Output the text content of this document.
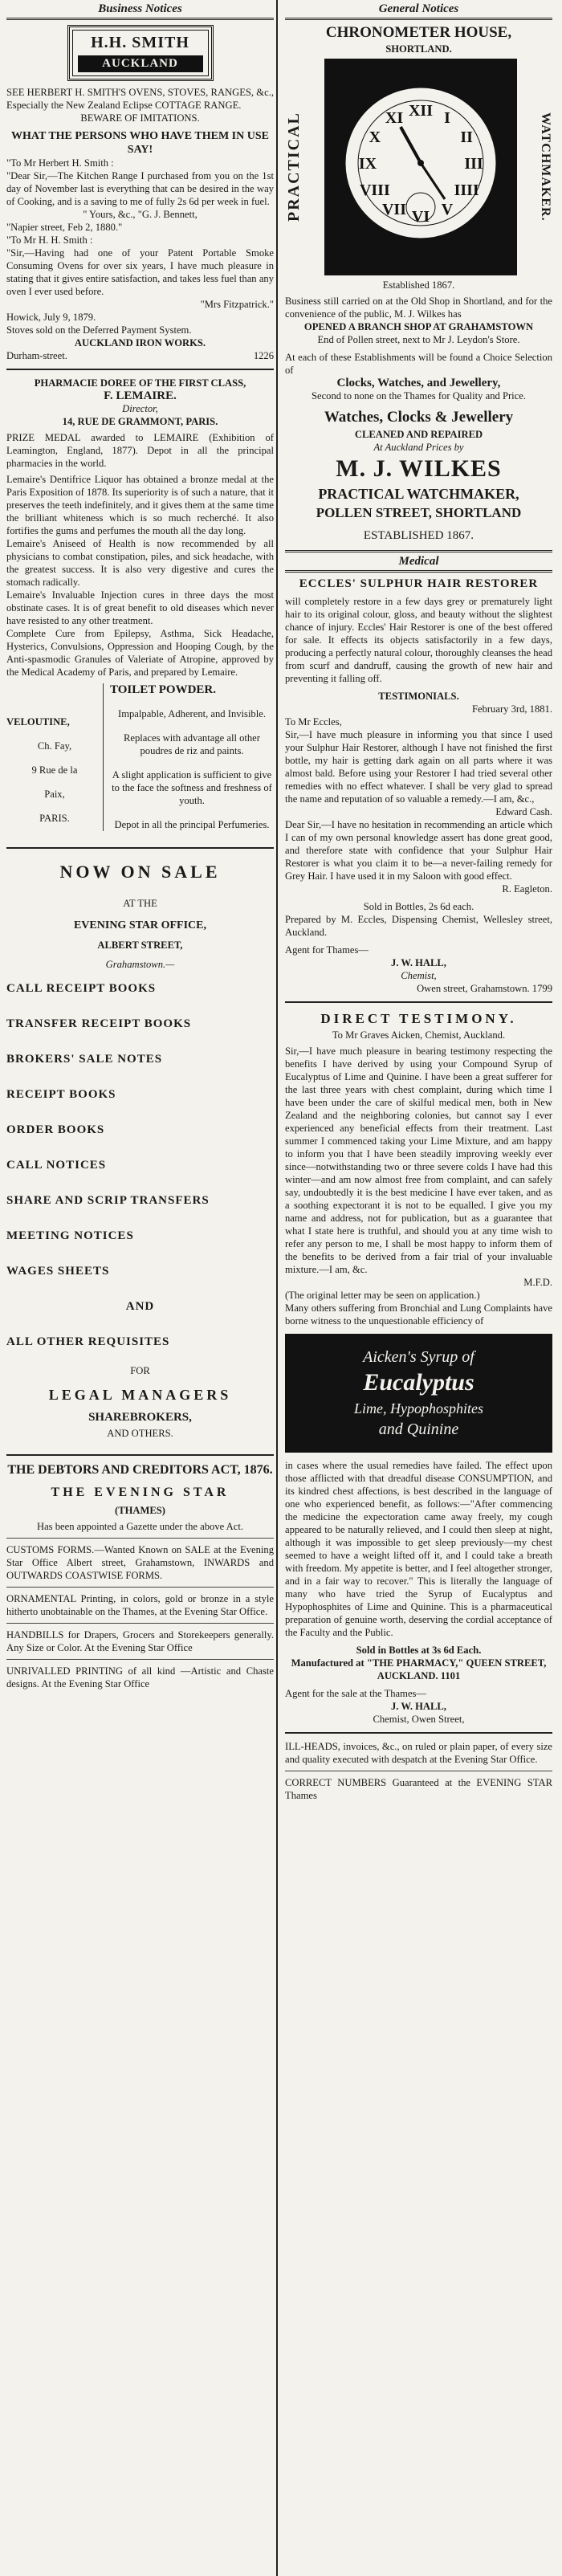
Business Notices
H.H. SMITH
AUCKLAND

SEE HERBERT H. SMITH'S OVENS, STOVES, RANGES, &c., Especially the New Zealand Eclipse COTTAGE RANGE.

BEWARE OF IMITATIONS.

WHAT THE PERSONS WHO HAVE THEM IN USE SAY!

"To Mr Herbert H. Smith :

"Dear Sir,—The Kitchen Range I purchased from you on the 1st day of November last is everything that can be desired in the way of Cooking, and is a saving to me of fully 2s 6d per week in fuel.

" Yours, &c., "G. J. Bennett,

"Napier street, Feb 2, 1880."

"To Mr H. H. Smith :

"Sir,—Having had one of your Patent Portable Smoke Consuming Ovens for over six years, I have much pleasure in stating that it gives entire satisfaction, and takes less fuel than any oven I ever used before.

"Mrs Fitzpatrick."

Howick, July 9, 1879.

Stoves sold on the Deferred Payment System.

AUCKLAND IRON WORKS.

Durham-street.	1226

PHARMACIE DOREE OF THE FIRST CLASS,

F. LEMAIRE.

Director,

14, RUE DE GRAMMONT, PARIS.

PRIZE MEDAL awarded to LEMAIRE (Exhibition of Leamington, England, 1877). Depot in all the principal pharmacies in the world.

Lemaire's Dentifrice Liquor has obtained a bronze medal at the Paris Exposition of 1878. Its superiority is of such a nature, that it preserves the teeth indefinitely, and it gives them at the same time the brilliant whiteness which is so much recherché. It also fortifies the gums and perfumes the mouth all the day long.

Lemaire's Aniseed of Health is now recommended by all physicians to combat constipation, piles, and sick headache, with the greatest success. It is also very digestive and cures the stomach radically.

Lemaire's Invaluable Injection cures in three days the most obstinate cases. It is of great benefit to old diseases which never have resisted to any other treatment.

Complete Cure from Epilepsy, Asthma, Sick Headache, Hysterics, Convulsions, Oppression and Hooping Cough, by the Anti-spasmodic Granules of Valeriate of Atropine, approved by the Medical Academy of Paris, and prepared by Lemaire.

VELOUTINE,

Ch. Fay,

9 Rue de la

Paix,

PARIS.

TOILET POWDER.

Impalpable, Adherent, and Invisible.

Replaces with advantage all other poudres de riz and paints.

A slight application is sufficient to give to the face the softness and freshness of youth.

Depot in all the principal Perfumeries.

NOW ON SALE

AT THE

EVENING STAR OFFICE,

ALBERT STREET,

Grahamstown.—

CALL RECEIPT BOOKS

TRANSFER RECEIPT BOOKS

BROKERS' SALE NOTES

RECEIPT BOOKS

ORDER BOOKS

CALL NOTICES

SHARE AND SCRIP TRANSFERS

MEETING NOTICES

WAGES SHEETS

AND

ALL OTHER REQUISITES

FOR

LEGAL MANAGERS

SHAREBROKERS,

AND OTHERS.

THE DEBTORS AND CREDITORS ACT, 1876.

THE EVENING STAR

(THAMES)

Has been appointed a Gazette under the above Act.

CUSTOMS FORMS.—Wanted Known on SALE at the Evening Star Office Albert street, Grahamstown, INWARDS and OUTWARDS COASTWISE FORMS.

ORNAMENTAL Printing, in colors, gold or bronze in a style hitherto unobtainable on the Thames, at the Evening Star Office.

HANDBILLS for Drapers, Grocers and Storekeepers generally. Any Size or Color. At the Evening Star Office

UNRIVALLED PRINTING of all kind —Artistic and Chaste designs. At the Evening Star Office

General Notices

CHRONOMETER HOUSE,

SHORTLAND.

PRACTICAL
XII I
II
III
IIII
V
VI
VII
VIII
IX
X
XI	WATCHMAKER.

Established 1867.

Business still carried on at the Old Shop in Shortland, and for the convenience of the public, M. J. Wilkes has

OPENED A BRANCH SHOP AT GRAHAMSTOWN

End of Pollen street, next to Mr J. Leydon's Store.

At each of these Establishments will be found a Choice Selection of

Clocks, Watches, and Jewellery,

Second to none on the Thames for Quality and Price.

Watches, Clocks & Jewellery

CLEANED AND REPAIRED

At Auckland Prices by

M. J. WILKES

PRACTICAL WATCHMAKER,

POLLEN STREET, SHORTLAND

ESTABLISHED 1867.

Medical

ECCLES' SULPHUR HAIR RESTORER

will completely restore in a few days grey or prematurely light hair to its original colour, gloss, and beauty without the slightest chance of injury. Eccles' Hair Restorer is one of the best offered for sale. It effects its objects satisfactorily in a few days, producing a perfectly natural colour, thoroughly cleanses the head from scurf and dandruff, causing the growth of new hair and preventing it falling off.

TESTIMONIALS.

February 3rd, 1881.

To Mr Eccles,

Sir,—I have much pleasure in informing you that since I used your Sulphur Hair Restorer, although I have not finished the first bottle, my hair is getting dark again on all parts where it was almost bald. Before using your Restorer I had tried several other remedies with no effect whatever. I shall be very glad to spread the name and reputation of so valuable a remedy.—I am, &c.,

Edward Cash.

Dear Sir,—I have no hesitation in recommending an article which I can of my own personal knowledge assert has done great good, and therefore state with confidence that your Sulphur Hair Restorer is what you claim it to be—a never-failing remedy for Grey Hair. I have used it in my Saloon with good effect.

R. Eagleton.

Sold in Bottles, 2s 6d each.

Prepared by M. Eccles, Dispensing Chemist, Wellesley street, Auckland.

Agent for Thames—

J. W. HALL,

Chemist,

Owen street, Grahamstown. 1799

DIRECT TESTIMONY.

To Mr Graves Aicken, Chemist, Auckland.

Sir,—I have much pleasure in bearing testimony respecting the benefits I have derived by using your Compound Syrup of Eucalyptus of Lime and Quinine. I have been a great sufferer for the last three years with chest complaint, during which time I have been under the care of skilful medical men, both in New Zealand and the neighboring colonies, but cannot say I ever experienced any beneficial effects from their treatment. Last summer I commenced taking your Lime Mixture, and am happy to inform you that I have been steadily improving weekly ever since—notwithstanding two or three severe colds I have had this winter—and am now almost free from complaint, and can safely say, undoubtedly it is the best medicine I have ever taken, and as a soothing expectorant it is not to be equalled. I give you my name and address, not for publication, but as a guarantee that what I state here is truthful, and should you at any time wish to refer any person to me, I shall be most happy to inform them of the benefits to be derived from a fair trial of your invaluable mixture.—I am, &c.

M.F.D.

(The original letter may be seen on application.)

Many others suffering from Bronchial and Lung Complaints have borne witness to the unquestionable efficiency of

Aicken's Syrup of
Eucalyptus
Lime, Hypophosphites
and Quinine

in cases where the usual remedies have failed. The effect upon those afflicted with that dreadful disease CONSUMPTION, and its kindred chest affections, is best described in the language of one who experienced benefit, as follows:—"After commencing the medicine the expectoration came away freely, my cough appeared to be naturally relieved, and I could then sleep at night, although it was impossible to get sleep previously—my chest seemed to have a weight lifted off it, and I could take a breath with freedom. My appetite is better, and I feel altogether stronger, and in a fair way to recover." This is literally the language of many who have tried the Syrup of Eucalyptus and Hypophosphites of Lime and Quinine. This is a pharmaceutical preparation of genuine worth, deserving the cordial acceptance of the Faculty and the Public.

Sold in Bottles at 3s 6d Each.

Manufactured at "THE PHARMACY," QUEEN STREET, AUCKLAND. 1101

Agent for the sale at the Thames—

J. W. HALL,

Chemist, Owen Street,

ILL-HEADS, invoices, &c., on ruled or plain paper, of every size and quality executed with despatch at the Evening Star Office.

CORRECT NUMBERS Guaranteed at the EVENING STAR Thames
